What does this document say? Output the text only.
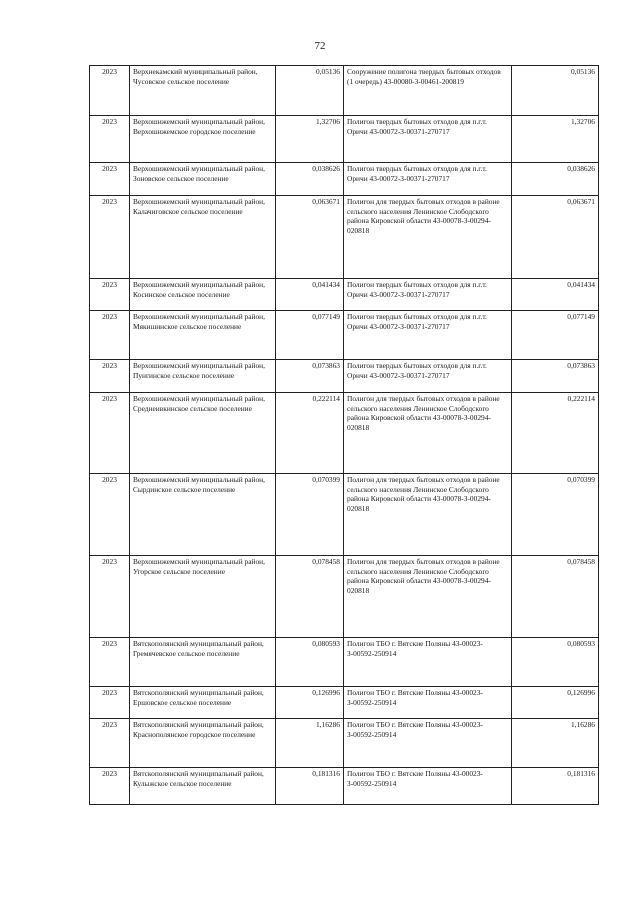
72
2023	Верхнекамский муниципальный район, Чусовское сельское поселение	0,05136	Сооружение полигона твердых бытовых отходов (1 очередь) 43-00080-З-00461-200819	0,05136
2023	Верхошижемский муниципальный район, Верхошижемское городское поселение	1,32706	Полигон твердых бытовых отходов для п.г.т. Оричи 43-00072-З-00371-270717	1,32706
2023	Верхошижемский муниципальный район, Зоновское сельское поселение	0,038626	Полигон твердых бытовых отходов для п.г.т. Оричи 43-00072-З-00371-270717	0,038626
2023	Верхошижемский муниципальный район, Калачиговское сельское поселение	0,063671	Полигон для твердых бытовых отходов в районе сельского населения Ленинское Слободского района Кировской области 43-00078-З-00294-020818	0,063671
2023	Верхошижемский муниципальный район, Косинское сельское поселение	0,041434	Полигон твердых бытовых отходов для п.г.т. Оричи 43-00072-З-00371-270717	0,041434
2023	Верхошижемский муниципальный район, Мякишинское сельское поселение	0,077149	Полигон твердых бытовых отходов для п.г.т. Оричи 43-00072-З-00371-270717	0,077149
2023	Верхошижемский муниципальный район, Пунгинское сельское поселение	0,073863	Полигон твердых бытовых отходов для п.г.т. Оричи 43-00072-З-00371-270717	0,073863
2023	Верхошижемский муниципальный район, Среднеивкинское сельское поселение	0,222114	Полигон для твердых бытовых отходов в районе сельского населения Ленинское Слободского района Кировской области 43-00078-З-00294-020818	0,222114
2023	Верхошижемский муниципальный район, Сырдинское сельское поселение	0,070399	Полигон для твердых бытовых отходов в районе сельского населения Ленинское Слободского района Кировской области 43-00078-З-00294-020818	0,070399
2023	Верхошижемский муниципальный район, Угорское сельское поселение	0,078458	Полигон для твердых бытовых отходов в районе сельского населения Ленинское Слободского района Кировской области 43-00078-З-00294-020818	0,078458
2023	Вятскополянский муниципальный район, Гремячевское сельское поселение	0,080593	Полигон ТБО г. Вятские Поляны 43-00023-З-00592-250914	0,080593
2023	Вятскополянский муниципальный район, Ершовское сельское поселение	0,126996	Полигон ТБО г. Вятские Поляны 43-00023-З-00592-250914	0,126996
2023	Вятскополянский муниципальный район, Краснополянское городское поселение	1,16286	Полигон ТБО г. Вятские Поляны 43-00023-З-00592-250914	1,16286
2023	Вятскополянский муниципальный район, Кулыжское сельское поселение	0,181316	Полигон ТБО г. Вятские Поляны 43-00023-З-00592-250914	0,181316
